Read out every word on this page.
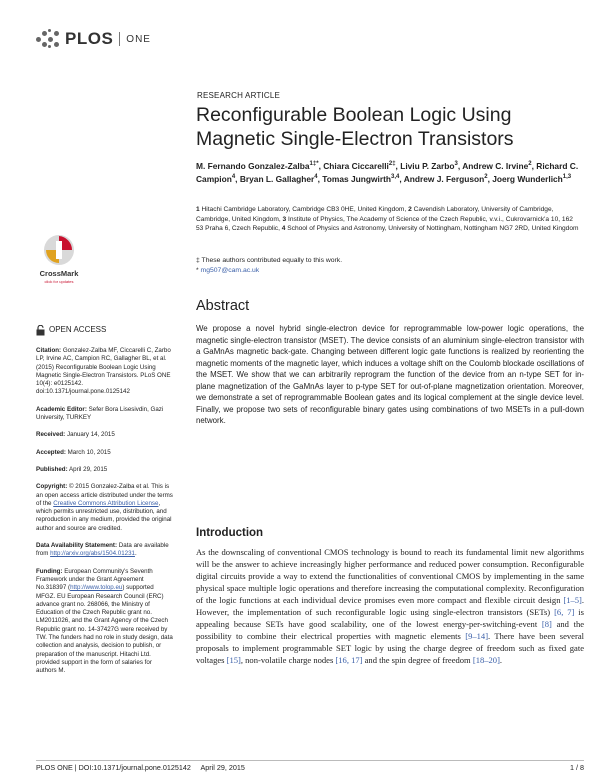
PLOS ONE
RESEARCH ARTICLE
Reconfigurable Boolean Logic Using Magnetic Single-Electron Transistors
M. Fernando Gonzalez-Zalba$^{1\ddagger*}$, Chiara Ciccarelli$^{2\ddagger}$, Liviu P. Zarbo$^3$, Andrew C. Irvine$^2$, Richard C. Campion$^4$, Bryan L. Gallagher$^4$, Tomas Jungwirth$^{3,4}$, Andrew J. Ferguson$^2$, Joerg Wunderlich$^{1,3}$
1 Hitachi Cambridge Laboratory, Cambridge CB3 0HE, United Kingdom, 2 Cavendish Laboratory, University of Cambridge, Cambridge, United Kingdom, 3 Institute of Physics, The Academy of Science of the Czech Republic, v.v.i., Cukrovarnick'a 10, 162 53 Praha 6, Czech Republic, 4 School of Physics and Astronomy, University of Nottingham, Nottingham NG7 2RD, United Kingdom
‡ These authors contributed equally to this work.
* mg507@cam.ac.uk
CrossMark
click for updates
Abstract
We propose a novel hybrid single-electron device for reprogrammable low-power logic operations, the magnetic single-electron transistor (MSET). The device consists of an aluminium single-electron transistor with a GaMnAs magnetic back-gate. Changing between different logic gate functions is realized by reorienting the magnetic moments of the magnetic layer, which induces a voltage shift on the Coulomb blockade oscillations of the MSET. We show that we can arbitrarily reprogram the function of the device from an n-type SET for in-plane magnetization of the GaMnAs layer to p-type SET for out-of-plane magnetization orientation. Moreover, we demonstrate a set of reprogrammable Boolean gates and its logical complement at the single device level. Finally, we propose two sets of reconfigurable binary gates using combinations of two MSETs in a pull-down network.
OPEN ACCESS
Citation: Gonzalez-Zalba MF, Ciccarelli C, Zarbo LP, Irvine AC, Campion RC, Gallagher BL, et al. (2015) Reconfigurable Boolean Logic Using Magnetic Single-Electron Transistors. PLoS ONE 10(4): e0125142. doi:10.1371/journal.pone.0125142
Academic Editor: Sefer Bora Lisesivdin, Gazi University, TURKEY
Received: January 14, 2015
Accepted: March 10, 2015
Published: April 29, 2015
Copyright: © 2015 Gonzalez-Zalba et al. This is an open access article distributed under the terms of the Creative Commons Attribution License, which permits unrestricted use, distribution, and reproduction in any medium, provided the original author and source are credited.
Data Availability Statement: Data are available from http://arxiv.org/abs/1504.01231.
Funding: European Community's Seventh Framework under the Grant Agreement No.318397 (http://www.tolop.eu) supported MFGZ. EU European Research Council (ERC) advance grant no. 268066, the Ministry of Education of the Czech Republic grant no. LM2011026, and the Grant Agency of the Czech Republic grant no. 14-37427G were received by TW. The funders had no role in study design, data collection and analysis, decision to publish, or preparation of the manuscript. Hitachi Ltd. provided support in the form of salaries for authors M.
Introduction
As the downscaling of conventional CMOS technology is bound to reach its fundamental limit new algorithms will be the answer to achieve increasingly higher performance and reduced power consumption. Reconfigurable digital circuits provide a way to extend the functionalities of conventional CMOS by implementing in the same physical space multiple logic operations and therefore increasing the computational complexity. Reconfiguration of the logic functions at each individual device promises even more compact and flexible circuit design [1–5]. However, the implementation of such reconfigurable logic using single-electron transistors (SETs) [6, 7] is appealing because SETs have good scalability, one of the lowest energy-per-switching-event [8] and the possibility to combine their electrical properties with magnetic elements [9–14]. There have been several proposals to implement programmable SET logic by using the charge degree of freedom such as fixed gate voltages [15], non-volatile charge nodes [16, 17] and the spin degree of freedom [18–20].
PLOS ONE | DOI:10.1371/journal.pone.0125142     April 29, 2015	1 / 8
